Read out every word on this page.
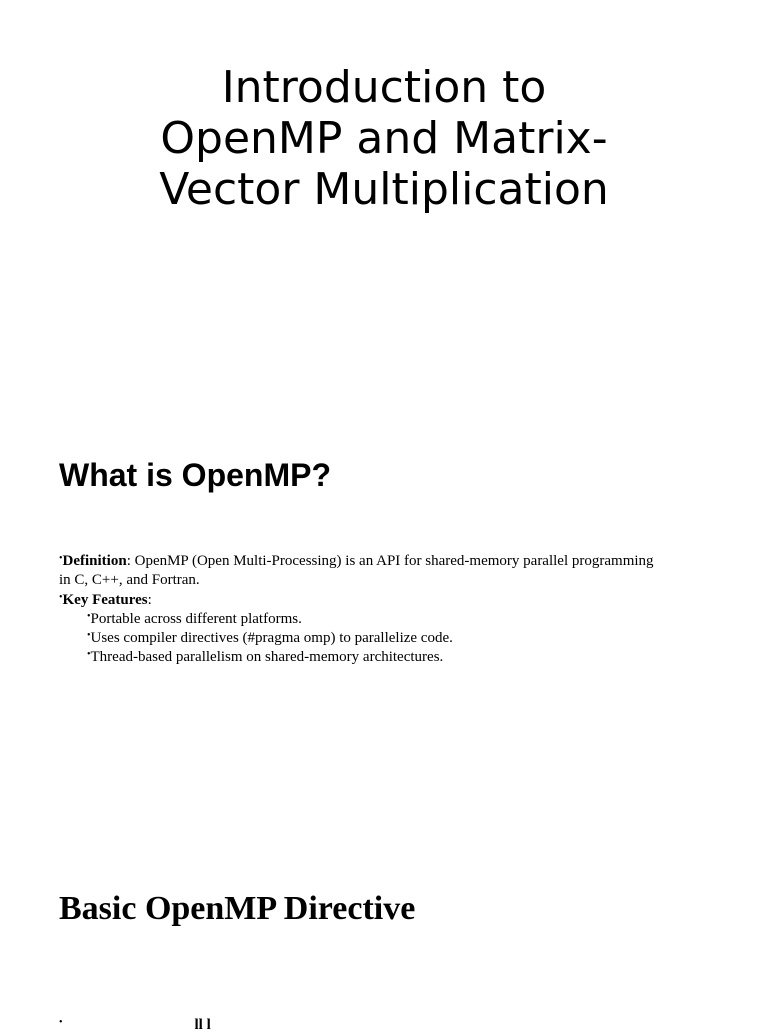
Introduction to
OpenMP and Matrix-
Vector Multiplication
What is OpenMP?
•Definition: OpenMP (Open Multi-Processing) is an API for shared-memory parallel programming
in C, C++, and Fortran.
•Key Features:
•Portable across different platforms.
•Uses compiler directives (#pragma omp) to parallelize code.
•Thread-based parallelism on shared-memory architectures.
Basic OpenMP Directive
•	ll l
